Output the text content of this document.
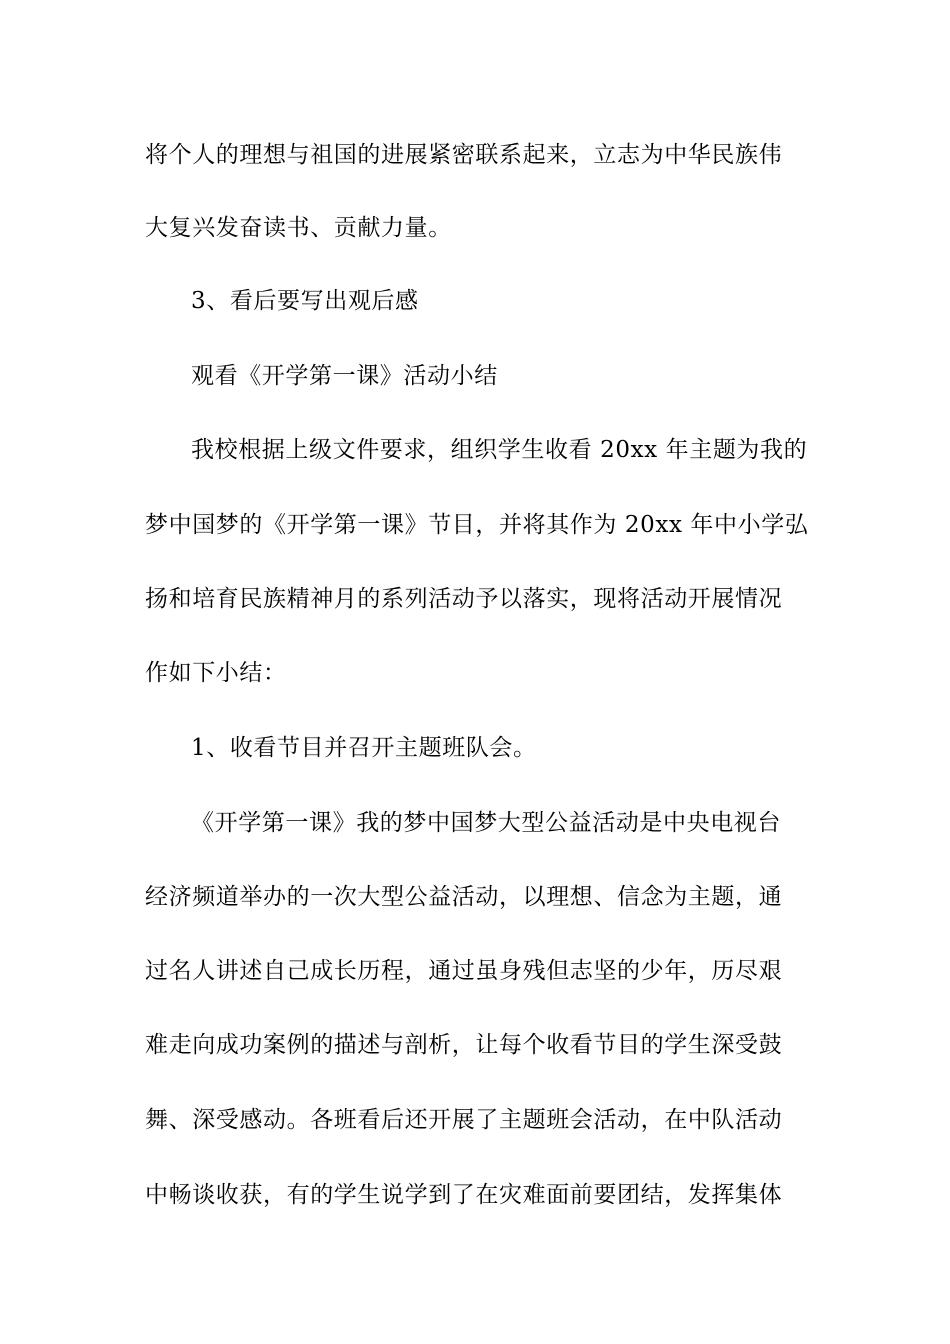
将个人的理想与祖国的进展紧密联系起来，立志为中华民族伟
大复兴发奋读书、贡献力量。
3、看后要写出观后感
观看《开学第一课》活动小结
我校根据上级文件要求，组织学生收看 20xx 年主题为我的
梦中国梦的《开学第一课》节目，并将其作为 20xx 年中小学弘
扬和培育民族精神月的系列活动予以落实，现将活动开展情况
作如下小结：
1、收看节目并召开主题班队会。
《开学第一课》我的梦中国梦大型公益活动是中央电视台
经济频道举办的一次大型公益活动，以理想、信念为主题，通
过名人讲述自己成长历程，通过虽身残但志坚的少年，历尽艰
难走向成功案例的描述与剖析，让每个收看节目的学生深受鼓
舞、深受感动。各班看后还开展了主题班会活动，在中队活动
中畅谈收获，有的学生说学到了在灾难面前要团结，发挥集体
